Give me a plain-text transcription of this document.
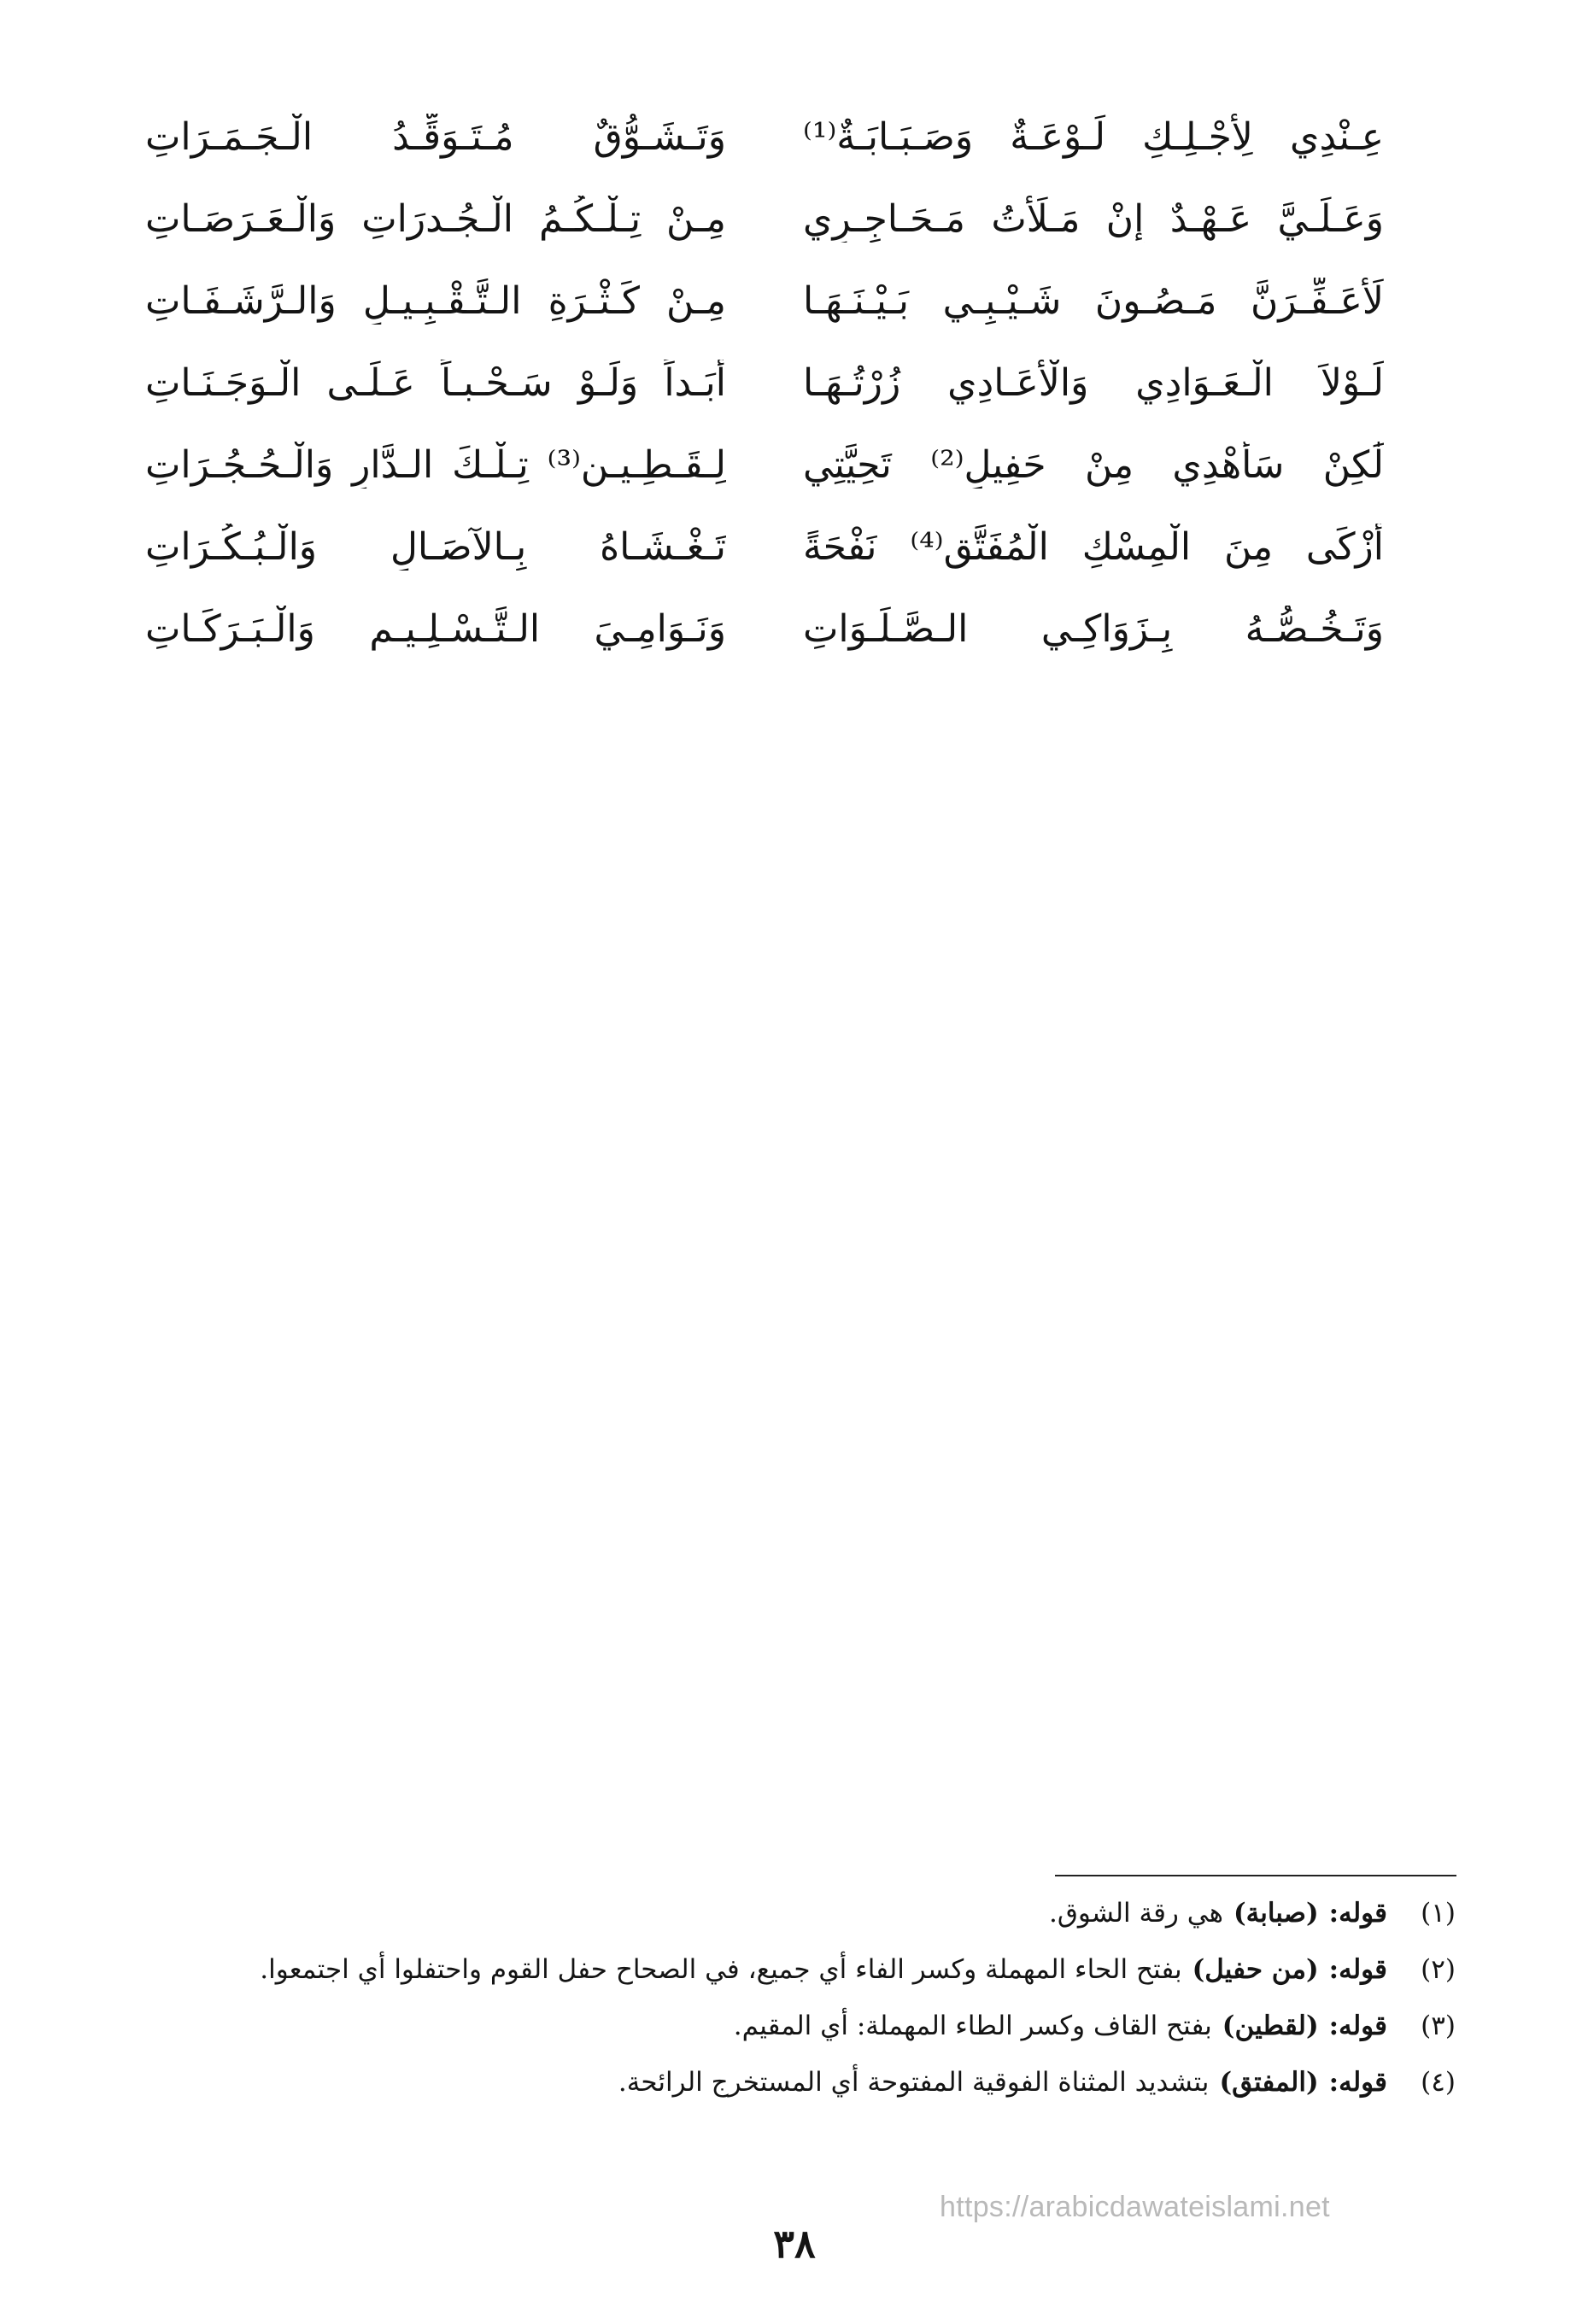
عِـنْدِي لِأَجْـلِـكِ لَـوْعَـةٌ وَصَـبَـابَـةٌ⁽¹⁾
وَتَـشَـوُّقٌ مُـتَـوَقِّـدُ الْـجَـمَـرَاتِ
وَعَـلَـيَّ عَـهْـدٌ إِنْ مَـلَأْتُ مَـحَـاجِـرِي
مِـنْ تِـلْـكُـمُ الْـجُـدرَاتِ وَالْـعَـرَصَـاتِ
لَأُعَـفِّـرَنَّ مَـصُـونَ شَـيْـبِـي بَـيْـنَـهَـا
مِـنْ كَـثْـرَةِ الـتَّـقْـبِـيـلِ وَالـرَّشَـفَـاتِ
لَـوْلاَ الْـعَـوَادِي وَالْأَعَـادِي زُرْتُـهَـا
أَبَـداً وَلَـوْ سَـحْـبـاً عَـلَـى الْـوَجَـنَـاتِ
لَٰكِنْ سَأُهْدِي مِنْ حَفِيلِ⁽²⁾ تَحِيَّتِي
لِـقَـطِـيـنِ⁽³⁾ تِـلْـكَ الـدَّارِ وَالْـحُـجُـرَاتِ
أَزْكَى مِنَ الْمِسْكِ الْمُفَتَّقِ⁽⁴⁾ نَفْحَةً
تَـغْـشَـاهُ بِـالآصَـالِ وَالْـبُـكُـرَاتِ
وَتَـخُـصُّـهُ بِـزَوَاكِـي الـصَّـلَـوَاتِ
وَنَـوَامِـيَ الـتَّـسْـلِـيـمِ وَالْـبَـرَكَـاتِ
(١)
قوله:(صبابة)هي رقة الشوق.
(٢)
قوله:(من حفيل)بفتح الحاء المهملة وكسر الفاء أي جميع، في الصحاح حفل القوم واحتفلوا أي اجتمعوا.
(٣)
قوله:(لقطين)بفتح القاف وكسر الطاء المهملة: أي المقيم.
(٤)
قوله:(المفتق)بتشديد المثناة الفوقية المفتوحة أي المستخرج الرائحة.
https://arabicdawateislami.net
٣٨
